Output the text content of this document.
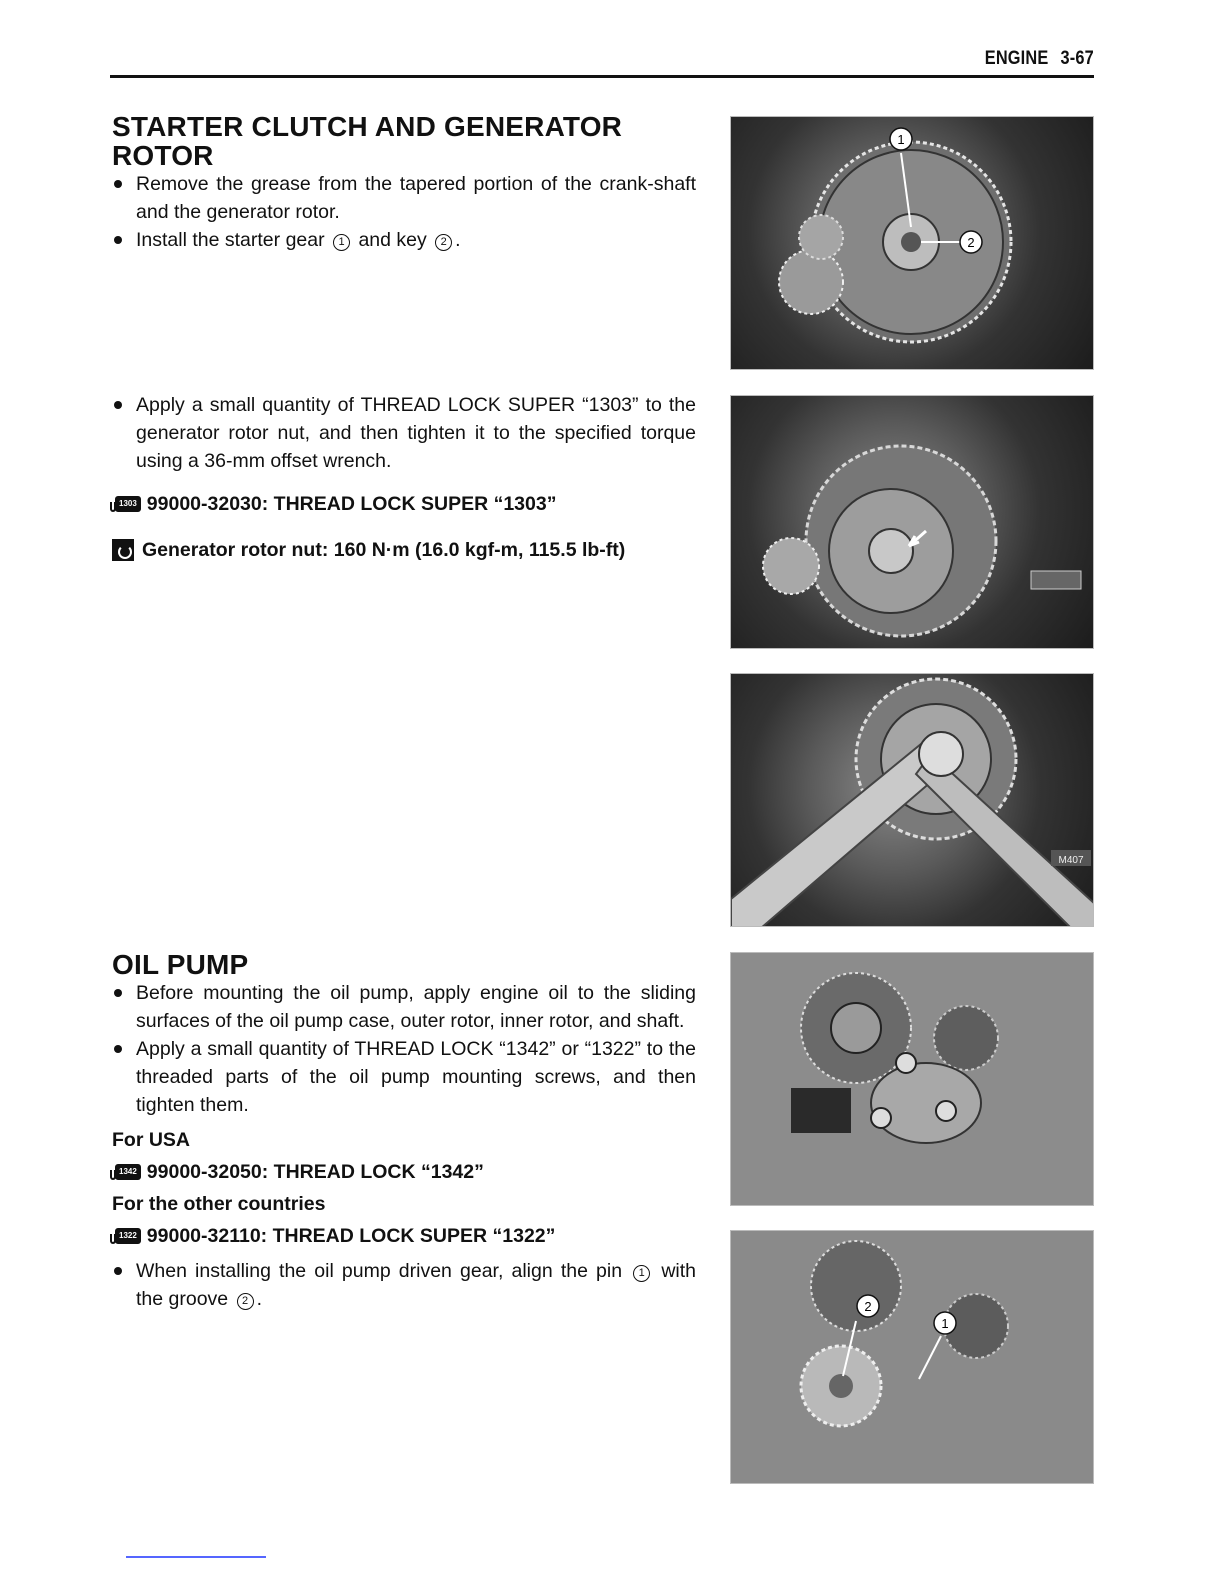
ENGINE 3-67
STARTER CLUTCH AND GENERATOR
ROTOR
Remove the grease from the tapered portion of the crank-shaft and the generator rotor.
Install the starter gear 1 and key 2 .
Apply a small quantity of THREAD LOCK SUPER “1303” to the generator rotor nut, and then tighten it to the specified torque using a 36-mm offset wrench.
1303 99000-32030: THREAD LOCK SUPER “1303”
Generator rotor nut: 160 N·m (16.0 kgf-m, 115.5 lb-ft)
OIL PUMP
Before mounting the oil pump, apply engine oil to the sliding surfaces of the oil pump case, outer rotor, inner rotor, and shaft.
Apply a small quantity of THREAD LOCK “1342” or “1322” to the threaded parts of the oil pump mounting screws, and then tighten them.
For USA
1342 99000-32050: THREAD LOCK “1342”
For the other countries
1322 99000-32110: THREAD LOCK SUPER “1322”
When installing the oil pump driven gear, align the pin 1 with the groove 2 .
1
2
M407
2
1
